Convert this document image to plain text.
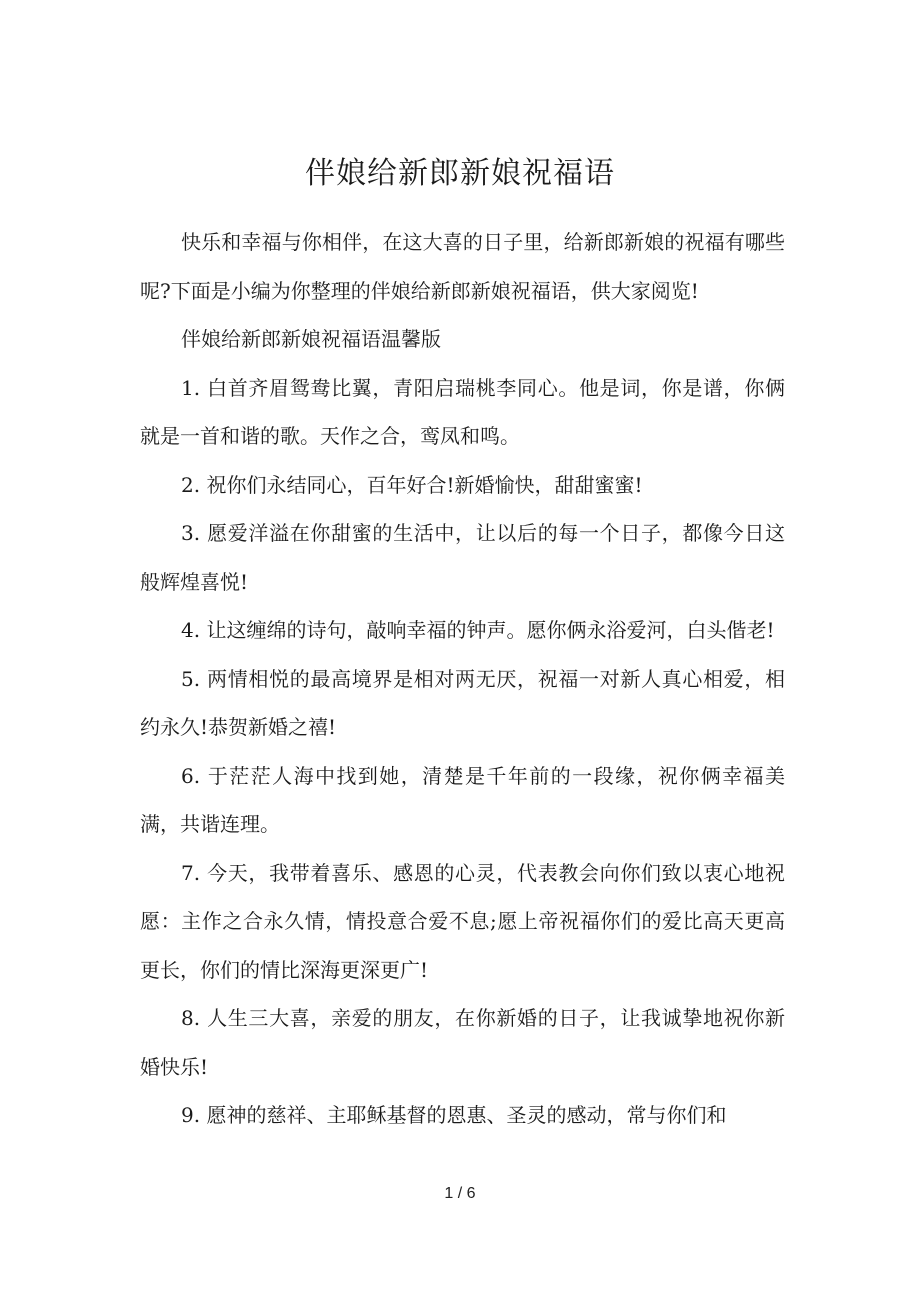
伴娘给新郎新娘祝福语

快乐和幸福与你相伴，在这大喜的日子里，给新郎新娘的祝福有哪些呢?下面是小编为你整理的伴娘给新郎新娘祝福语，供大家阅览!

伴娘给新郎新娘祝福语温馨版

1. 白首齐眉鸳鸯比翼，青阳启瑞桃李同心。他是词，你是谱，你俩就是一首和谐的歌。天作之合，鸾凤和鸣。

2. 祝你们永结同心，百年好合!新婚愉快，甜甜蜜蜜!

3. 愿爱洋溢在你甜蜜的生活中，让以后的每一个日子，都像今日这般辉煌喜悦!

4. 让这缠绵的诗句，敲响幸福的钟声。愿你俩永浴爱河，白头偕老!

5. 两情相悦的最高境界是相对两无厌，祝福一对新人真心相爱，相约永久!恭贺新婚之禧!

6. 于茫茫人海中找到她，清楚是千年前的一段缘，祝你俩幸福美满，共谐连理。

7. 今天，我带着喜乐、感恩的心灵，代表教会向你们致以衷心地祝愿：主作之合永久情，情投意合爱不息;愿上帝祝福你们的爱比高天更高更长，你们的情比深海更深更广!

8. 人生三大喜，亲爱的朋友，在你新婚的日子，让我诚挚地祝你新婚快乐!

9. 愿神的慈祥、主耶稣基督的恩惠、圣灵的感动，常与你们和

1 / 6
